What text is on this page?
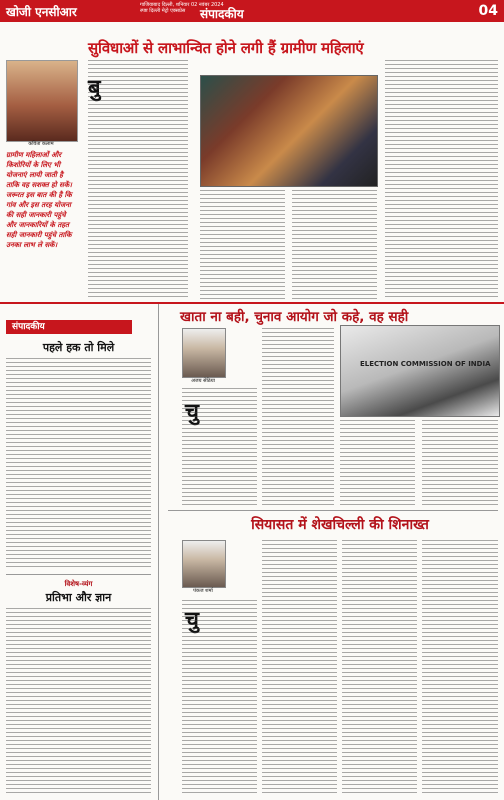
खोजी एनसीआर	गाजियाबाद दिल्ली, शनिवार 02 नवंबर 2024
स्पष्ट दिल्ली मेट्रो एक्सप्रेस	संपादकीय	04
सुविधाओं से लाभान्वित होने लगी हैं ग्रामीण महिलाएं
कविता कलाम
ग्रामीण महिलाओं और किशोरियों के लिए भी योजनाएं लायी जाती है ताकि वह सशक्त हो सकें। जरूरत इस बात की है कि गांव और इस तरह योजना की सही जानकारी पहुंचे और जानकारियों के तहत सही जानकारी पहुंचे ताकि उनका लाभ ले सकें।
बु
संपादकीय
पहले हक तो मिले
खाता ना बही, चुनाव आयोग जो कहे, वह सही
अजय सेठिया
चु
ELECTION COMMISSION OF INDIA
सियासत में शेखचिल्ली की शिनाख्त
पंकज शर्मा
चु
विशेष-व्यंग
प्रतिभा और ज्ञान
